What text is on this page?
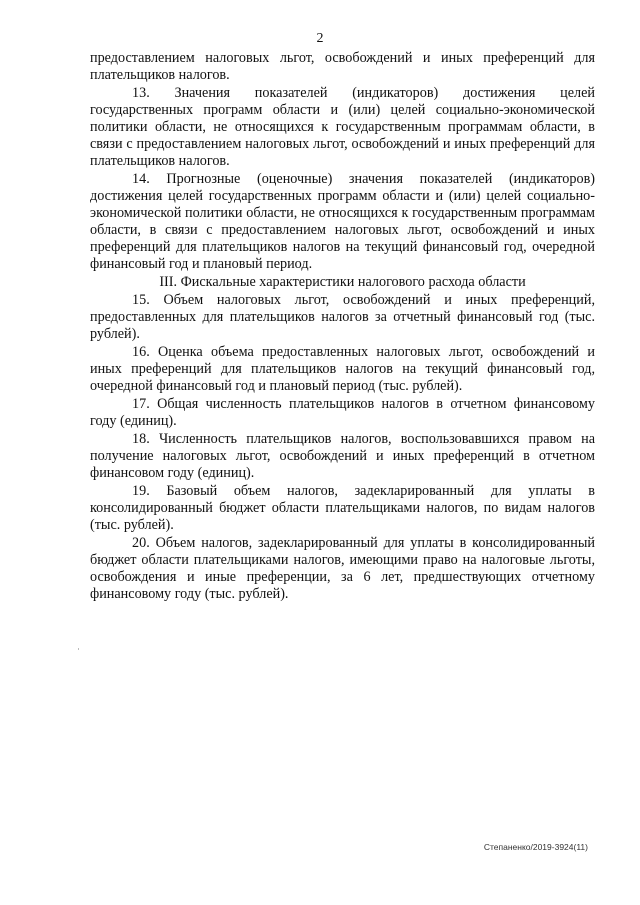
2

предоставлением налоговых льгот, освобождений и иных преференций для плательщиков налогов.

13. Значения показателей (индикаторов) достижения целей государственных программ области и (или) целей социально-экономической политики области, не относящихся к государственным программам области, в связи с предоставлением налоговых льгот, освобождений и иных преференций для плательщиков налогов.

14. Прогнозные (оценочные) значения показателей (индикаторов) достижения целей государственных программ области и (или) целей социально-экономической политики области, не относящихся к государственным программам области, в связи с предоставлением налоговых льгот, освобождений и иных преференций для плательщиков налогов на текущий финансовый год, очередной финансовый год и плановый период.

III. Фискальные характеристики налогового расхода области

15. Объем налоговых льгот, освобождений и иных преференций, предоставленных для плательщиков налогов за отчетный финансовый год (тыс. рублей).

16. Оценка объема предоставленных налоговых льгот, освобождений и иных преференций для плательщиков налогов на текущий финансовый год, очередной финансовый год и плановый период (тыс. рублей).

17. Общая численность плательщиков налогов в отчетном финансовому году (единиц).

18. Численность плательщиков налогов, воспользовавшихся правом на получение налоговых льгот, освобождений и иных преференций в отчетном финансовом году (единиц).

19. Базовый объем налогов, задекларированный для уплаты в консолидированный бюджет области плательщиками налогов, по видам налогов (тыс. рублей).

20. Объем налогов, задекларированный для уплаты в консолидированный бюджет области плательщиками налогов, имеющими право на налоговые льготы, освобождения и иные преференции, за 6 лет, предшествующих отчетному финансовому году (тыс. рублей).

Степаненко/2019-3924(11)
